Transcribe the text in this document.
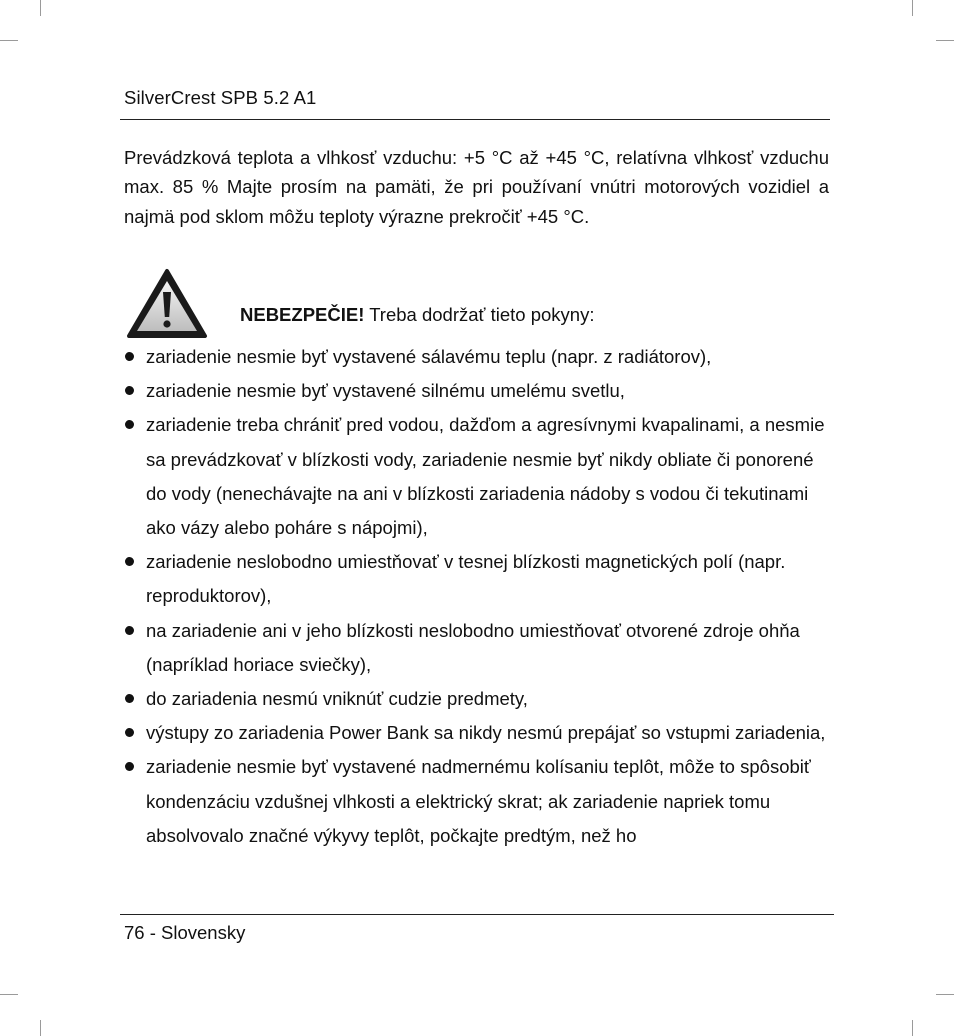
SilverCrest SPB 5.2 A1

Prevádzková teplota a vlhkosť vzduchu: +5 °C až +45 °C, relatívna vlhkosť vzduchu max. 85 % Majte prosím na pamäti, že pri používaní vnútri motorových vozidiel a najmä pod sklom môžu teploty výrazne prekročiť +45 °C.

NEBEZPEČIE! Treba dodržať tieto pokyny:
zariadenie nesmie byť vystavené sálavému teplu (napr. z radiátorov),
zariadenie nesmie byť vystavené silnému umelému svetlu,
zariadenie treba chrániť pred vodou, dažďom a agresívnymi kvapalinami, a nesmie sa prevádzkovať v blízkosti vody, zariadenie nesmie byť nikdy obliate či ponorené do vody (nenechávajte na ani v blízkosti zariadenia nádoby s vodou či tekutinami ako vázy alebo poháre s nápojmi),
zariadenie neslobodno umiestňovať v tesnej blízkosti magnetických polí (napr. reproduktorov),
na zariadenie ani v jeho blízkosti neslobodno umiestňovať otvorené zdroje ohňa (napríklad horiace sviečky),
do zariadenia nesmú vniknúť cudzie predmety,
výstupy zo zariadenia Power Bank sa nikdy nesmú prepájať so vstupmi zariadenia,
zariadenie nesmie byť vystavené nadmernému kolísaniu teplôt, môže to spôsobiť kondenzáciu vzdušnej vlhkosti a elektrický skrat; ak zariadenie napriek tomu absolvovalo značné výkyvy teplôt, počkajte predtým, než ho
76 - Slovensky
